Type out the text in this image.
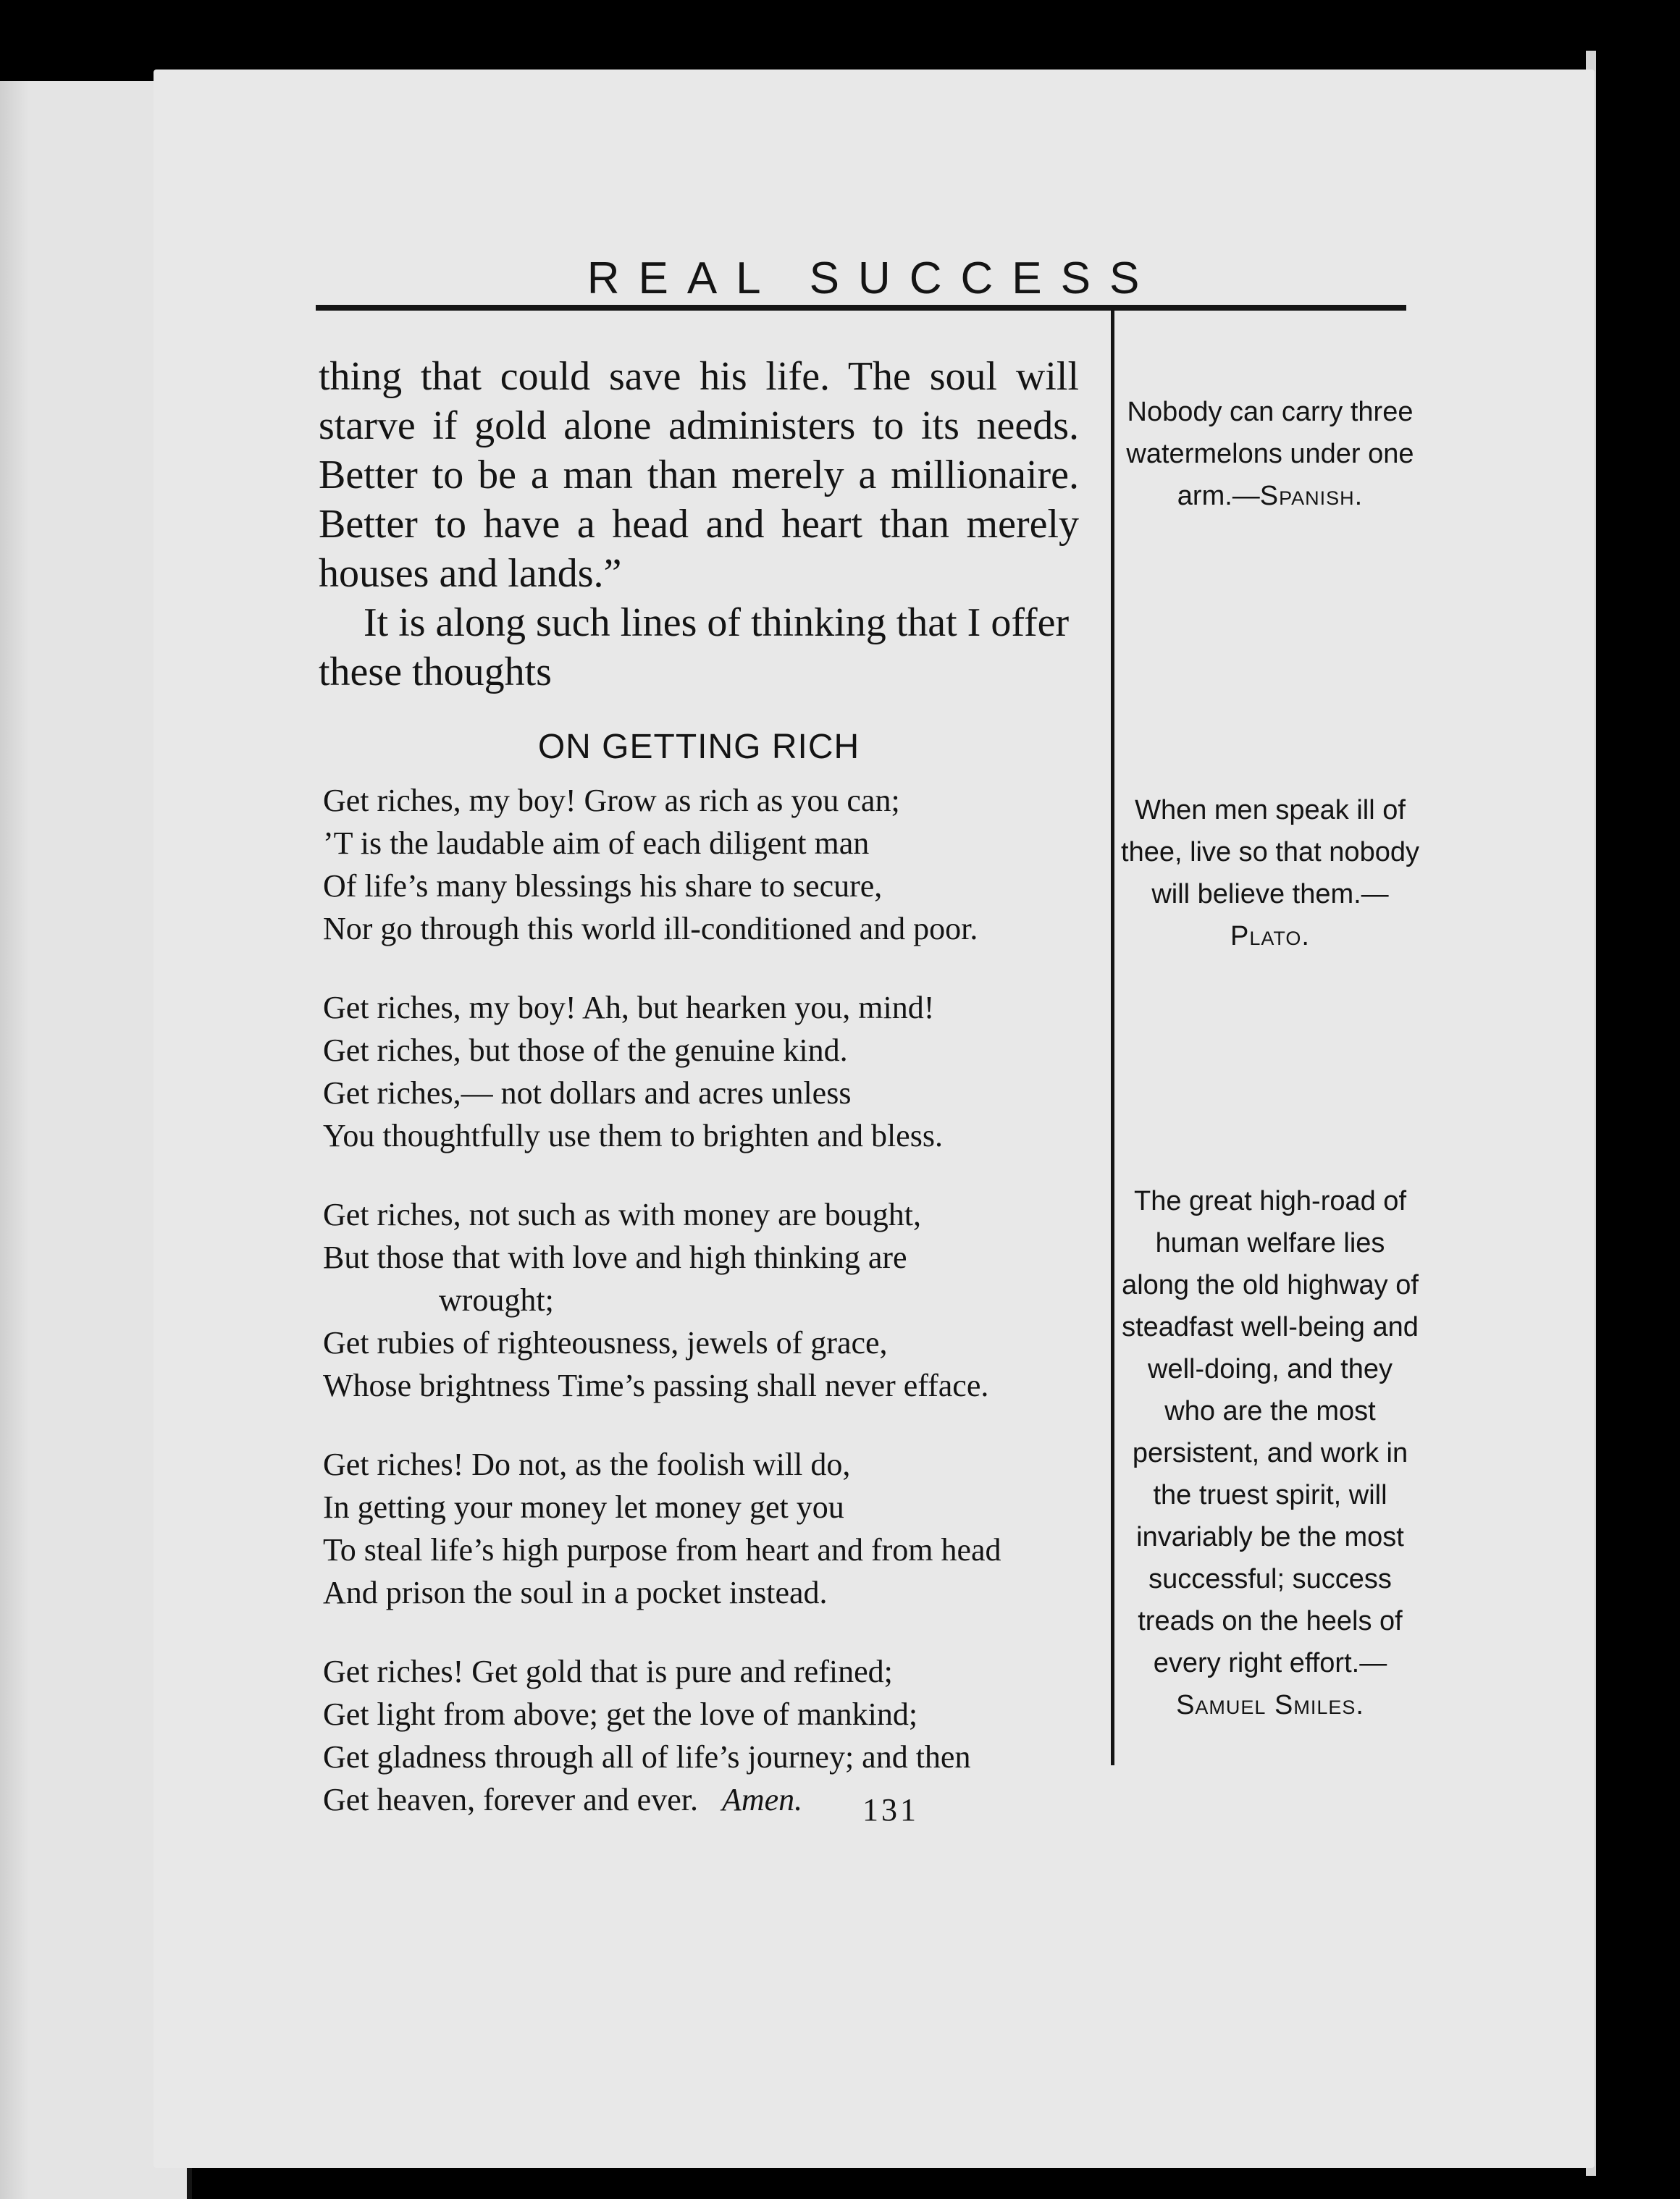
REAL SUCCESS

thing that could save his life. The soul will starve if gold alone administers to its needs. Better to be a man than merely a millionaire. Better to have a head and heart than merely houses and lands.”

It is along such lines of thinking that I offer these thoughts

ON GETTING RICH
Get riches, my boy! Grow as rich as you can;
’T is the laudable aim of each diligent man
Of life’s many blessings his share to secure,
Nor go through this world ill-conditioned and poor.
Get riches, my boy! Ah, but hearken you, mind!
Get riches, but those of the genuine kind.
Get riches,— not dollars and acres unless
You thoughtfully use them to brighten and bless.
Get riches, not such as with money are bought,
But those that with love and high thinking are
wrought;
Get rubies of righteousness, jewels of grace,
Whose brightness Time’s passing shall never efface.
Get riches! Do not, as the foolish will do,
In getting your money let money get you
To steal life’s high purpose from heart and from head
And prison the soul in a pocket instead.
Get riches! Get gold that is pure and refined;
Get light from above; get the love of mankind;
Get gladness through all of life’s journey; and then
Get heaven, forever and ever. Amen.
Nobody can carry three watermelons under one arm.—Spanish.
When men speak ill of thee, live so that nobody will believe them.—Plato.
The great high-road of human welfare lies along the old highway of steadfast well-being and well-doing, and they who are the most persistent, and work in the truest spirit, will invariably be the most successful; success treads on the heels of every right effort.—Samuel Smiles.
131
